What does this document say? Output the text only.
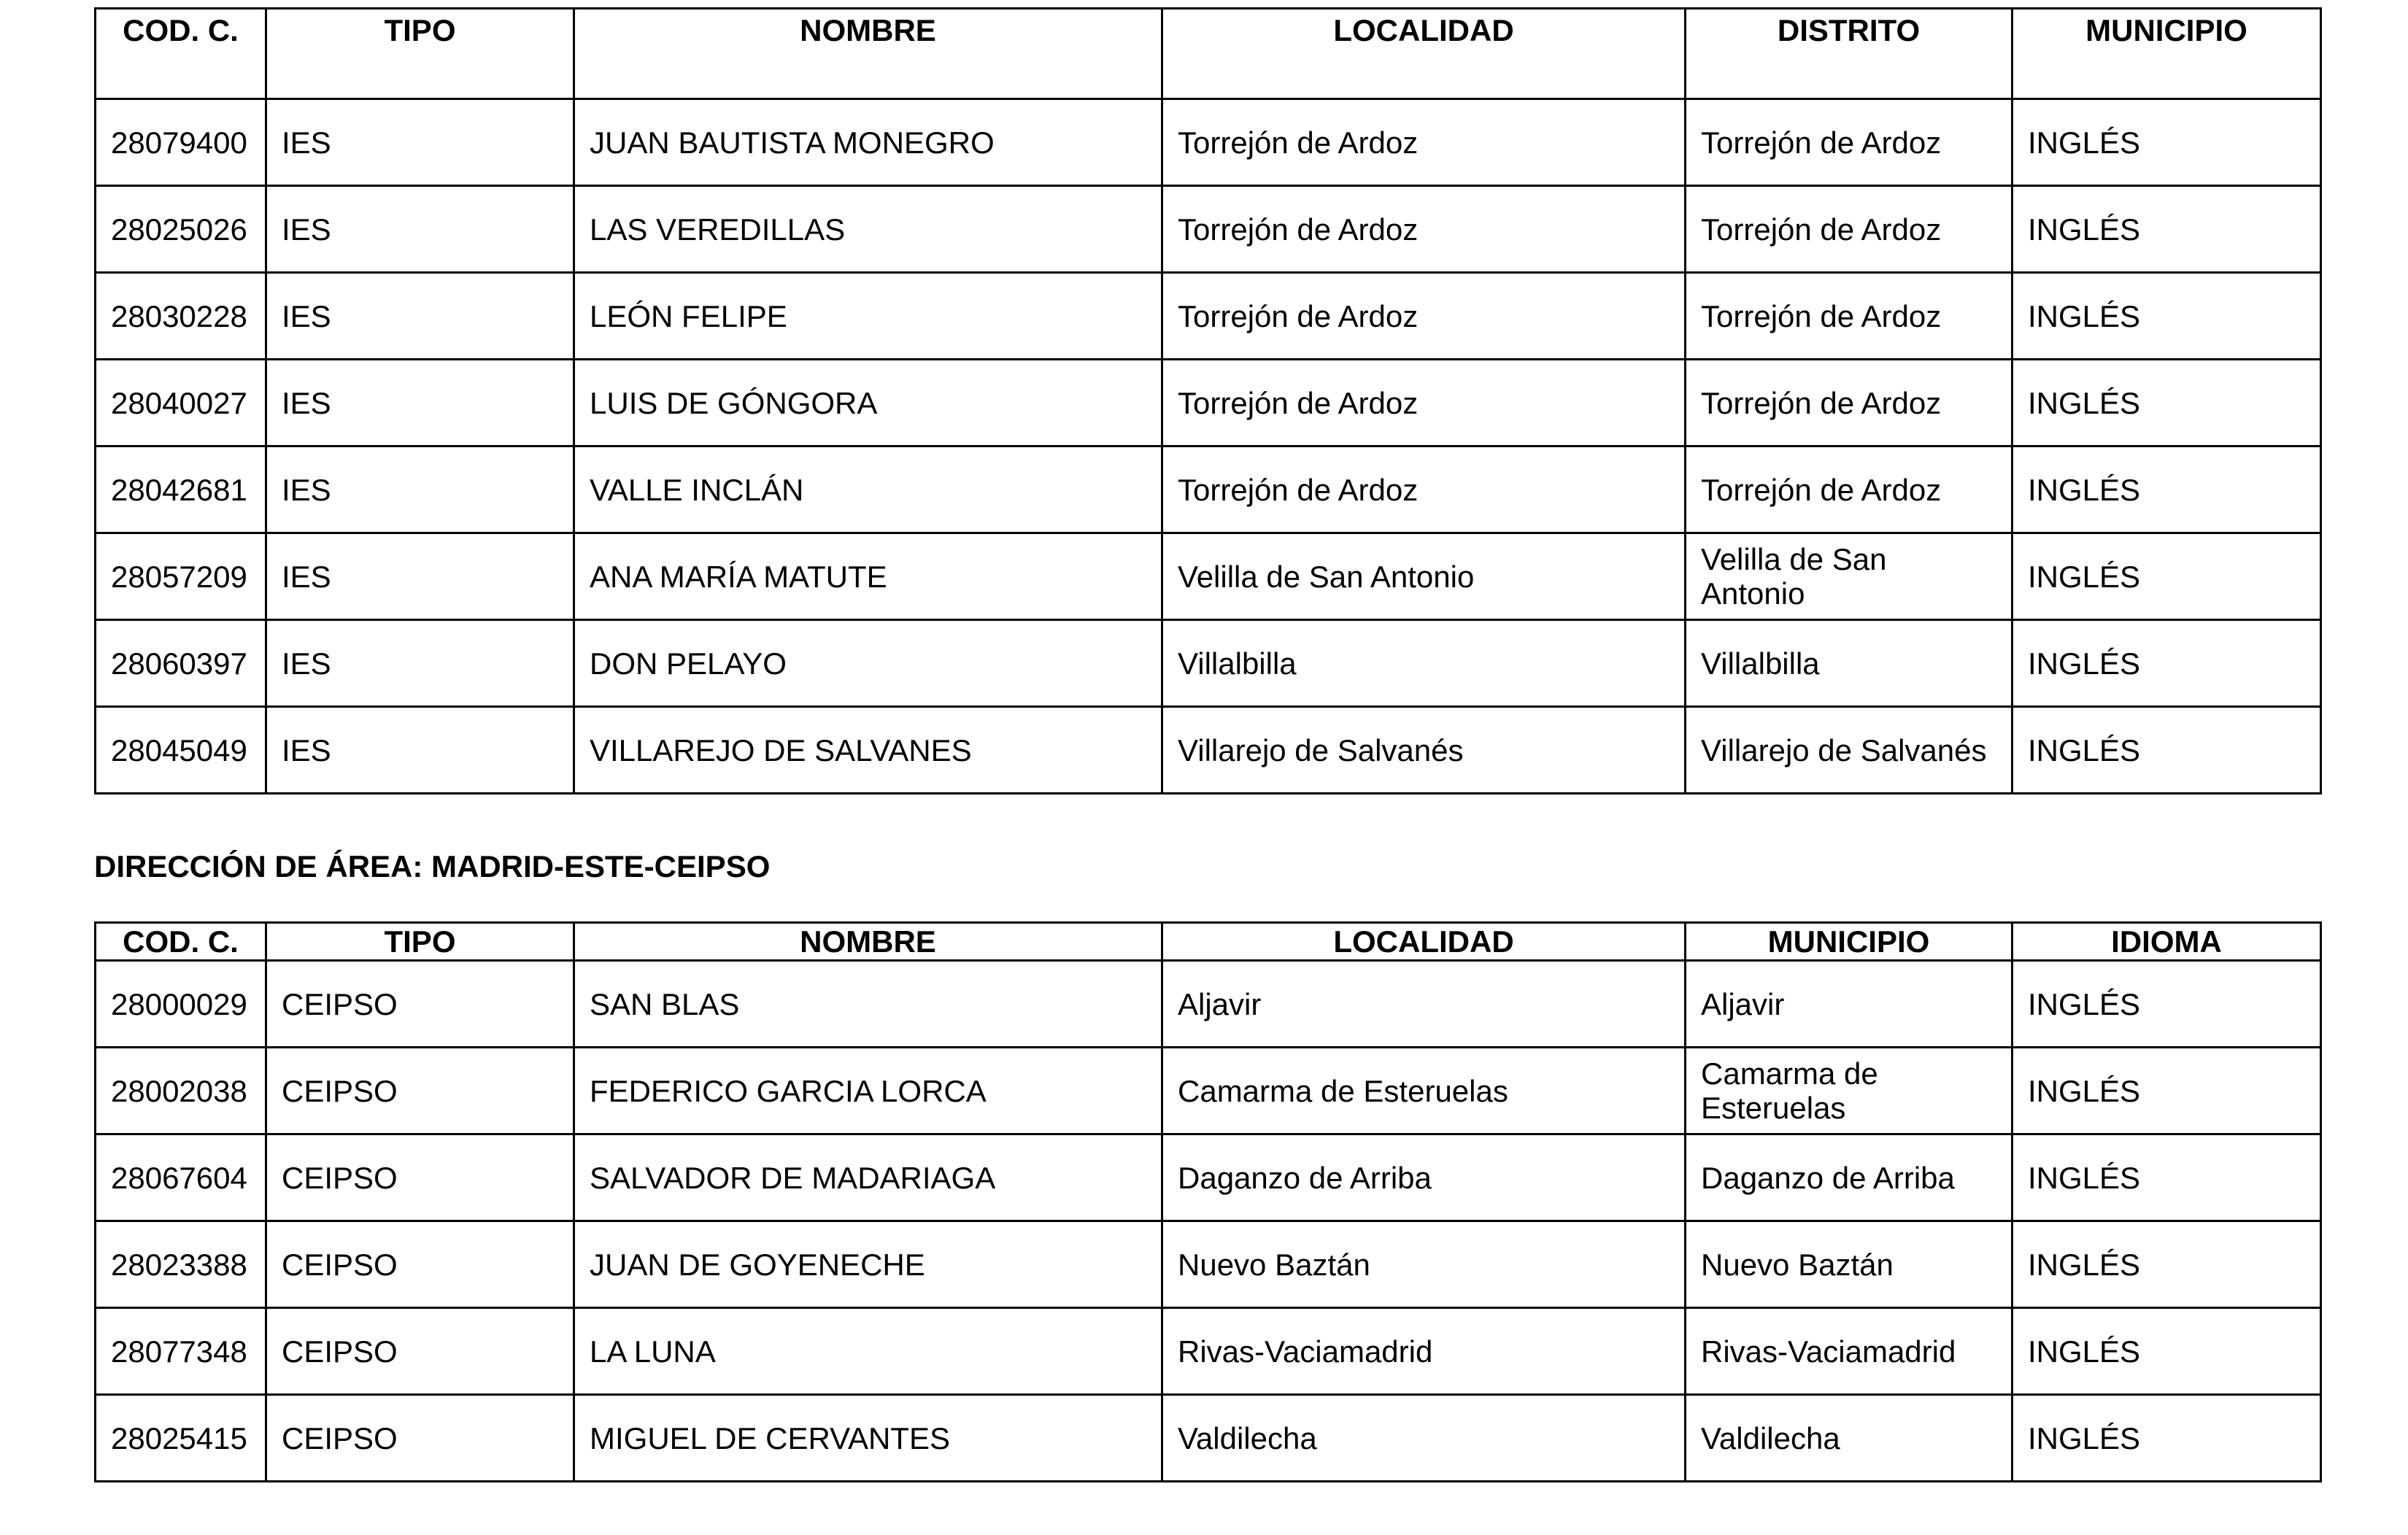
COD. C.	TIPO	NOMBRE	LOCALIDAD	DISTRITO	MUNICIPIO
28079400	IES	JUAN BAUTISTA MONEGRO	Torrejón de Ardoz	Torrejón de Ardoz	INGLÉS
28025026	IES	LAS VEREDILLAS	Torrejón de Ardoz	Torrejón de Ardoz	INGLÉS
28030228	IES	LEÓN FELIPE	Torrejón de Ardoz	Torrejón de Ardoz	INGLÉS
28040027	IES	LUIS DE GÓNGORA	Torrejón de Ardoz	Torrejón de Ardoz	INGLÉS
28042681	IES	VALLE INCLÁN	Torrejón de Ardoz	Torrejón de Ardoz	INGLÉS
28057209	IES	ANA MARÍA MATUTE	Velilla de San Antonio	Velilla de San Antonio	INGLÉS
28060397	IES	DON PELAYO	Villalbilla	Villalbilla	INGLÉS
28045049	IES	VILLAREJO DE SALVANES	Villarejo de Salvanés	Villarejo de Salvanés	INGLÉS

DIRECCIÓN DE ÁREA: MADRID-ESTE-CEIPSO

COD. C.	TIPO	NOMBRE	LOCALIDAD	MUNICIPIO	IDIOMA
28000029	CEIPSO	SAN BLAS	Aljavir	Aljavir	INGLÉS
28002038	CEIPSO	FEDERICO GARCIA LORCA	Camarma de Esteruelas	Camarma de Esteruelas	INGLÉS
28067604	CEIPSO	SALVADOR DE MADARIAGA	Daganzo de Arriba	Daganzo de Arriba	INGLÉS
28023388	CEIPSO	JUAN DE GOYENECHE	Nuevo Baztán	Nuevo Baztán	INGLÉS
28077348	CEIPSO	LA LUNA	Rivas-Vaciamadrid	Rivas-Vaciamadrid	INGLÉS
28025415	CEIPSO	MIGUEL DE CERVANTES	Valdilecha	Valdilecha	INGLÉS
